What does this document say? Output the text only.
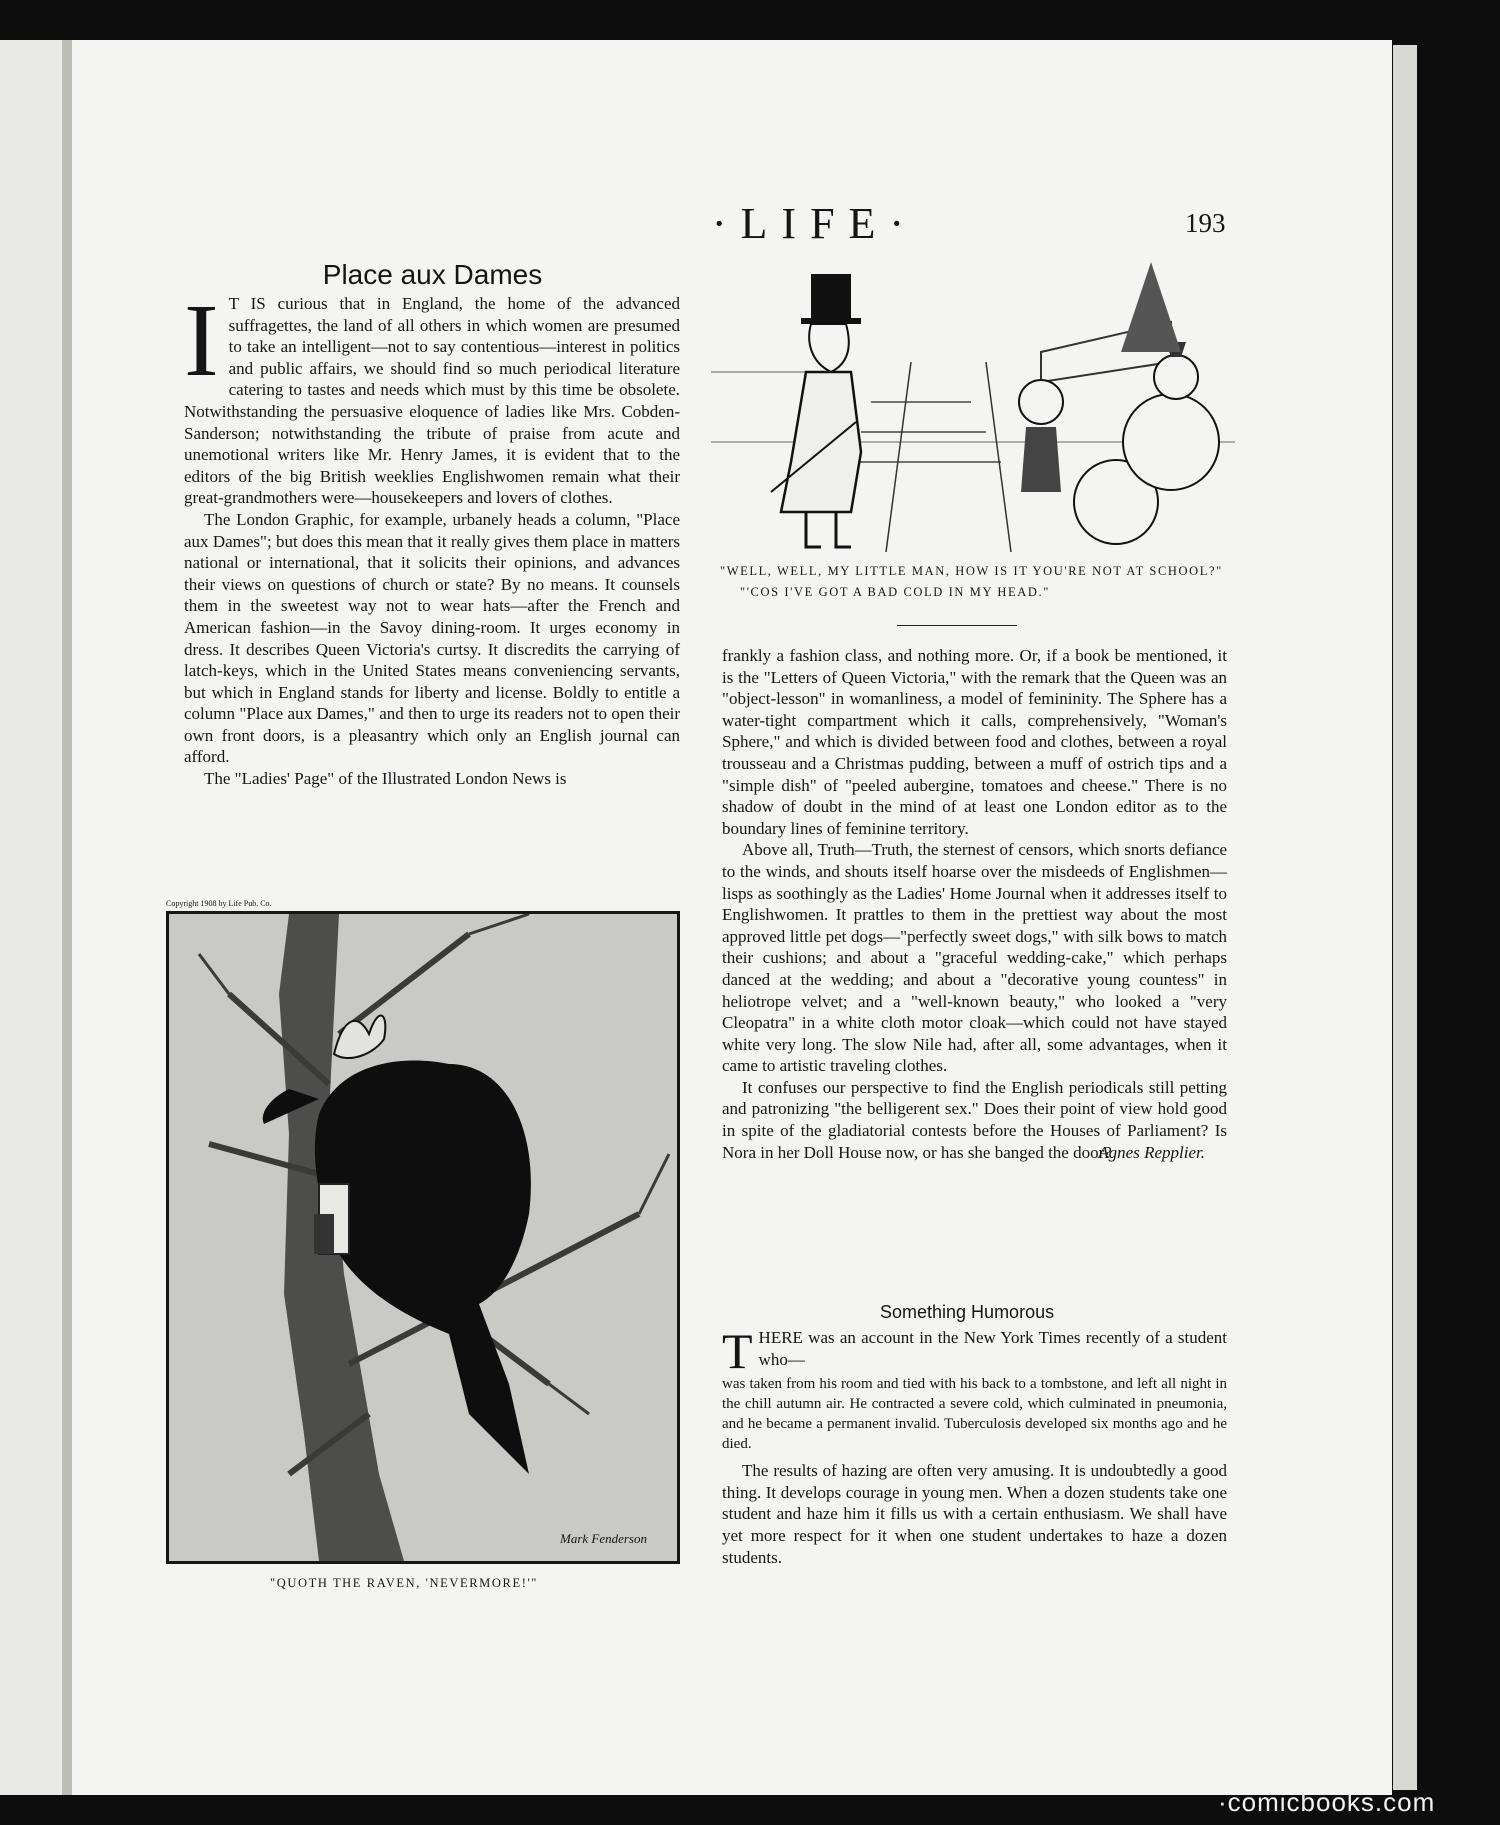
·LIFE·	193
Place aux Dames
I T IS curious that in England, the home of the advanced suffragettes, the land of all others in which women are presumed to take an intelligent—not to say contentious—interest in politics and public affairs, we should find so much periodical literature catering to tastes and needs which must by this time be obsolete. Notwithstanding the persuasive eloquence of ladies like Mrs. Cobden-Sanderson; notwithstanding the tribute of praise from acute and unemotional writers like Mr. Henry James, it is evident that to the editors of the big British weeklies Englishwomen remain what their great-grandmothers were—housekeepers and lovers of clothes.

The London Graphic, for example, urbanely heads a column, "Place aux Dames"; but does this mean that it really gives them place in matters national or international, that it solicits their opinions, and advances their views on questions of church or state? By no means. It counsels them in the sweetest way not to wear hats—after the French and American fashion—in the Savoy dining-room. It urges economy in dress. It describes Queen Victoria's curtsy. It discredits the carrying of latch-keys, which in the United States means conveniencing servants, but which in England stands for liberty and license. Boldly to entitle a column "Place aux Dames," and then to urge its readers not to open their own front doors, is a pleasantry which only an English journal can afford.

The "Ladies' Page" of the Illustrated London News is

Copyright 1908 by Life Pub. Co.
Mark Fenderson
"QUOTH THE RAVEN, 'NEVERMORE!'"
"WELL, WELL, MY LITTLE MAN, HOW IS IT YOU'RE NOT AT SCHOOL?"
"'COS I'VE GOT A BAD COLD IN MY HEAD."

frankly a fashion class, and nothing more. Or, if a book be mentioned, it is the "Letters of Queen Victoria," with the remark that the Queen was an "object-lesson" in womanliness, a model of femininity. The Sphere has a water-tight compartment which it calls, comprehensively, "Woman's Sphere," and which is divided between food and clothes, between a royal trousseau and a Christmas pudding, between a muff of ostrich tips and a "simple dish" of "peeled aubergine, tomatoes and cheese." There is no shadow of doubt in the mind of at least one London editor as to the boundary lines of feminine territory.

Above all, Truth—Truth, the sternest of censors, which snorts defiance to the winds, and shouts itself hoarse over the misdeeds of Englishmen—lisps as soothingly as the Ladies' Home Journal when it addresses itself to Englishwomen. It prattles to them in the prettiest way about the most approved little pet dogs—"perfectly sweet dogs," with silk bows to match their cushions; and about a "graceful wedding-cake," which perhaps danced at the wedding; and about a "decorative young countess" in heliotrope velvet; and a "well-known beauty," who looked a "very Cleopatra" in a white cloth motor cloak—which could not have stayed white very long. The slow Nile had, after all, some advantages, when it came to artistic traveling clothes.

It confuses our perspective to find the English periodicals still petting and patronizing "the belligerent sex." Does their point of view hold good in spite of the gladiatorial contests before the Houses of Parliament? Is Nora in her Doll House now, or has she banged the door?

Agnes Repplier.
Something Humorous
T HERE was an account in the New York Times recently of a student who—

was taken from his room and tied with his back to a tombstone, and left all night in the chill autumn air. He contracted a severe cold, which culminated in pneumonia, and he became a permanent invalid. Tuberculosis developed six months ago and he died.

The results of hazing are often very amusing. It is undoubtedly a good thing. It develops courage in young men. When a dozen students take one student and haze him it fills us with a certain enthusiasm. We shall have yet more respect for it when one student undertakes to haze a dozen students.

·comicbooks.com
